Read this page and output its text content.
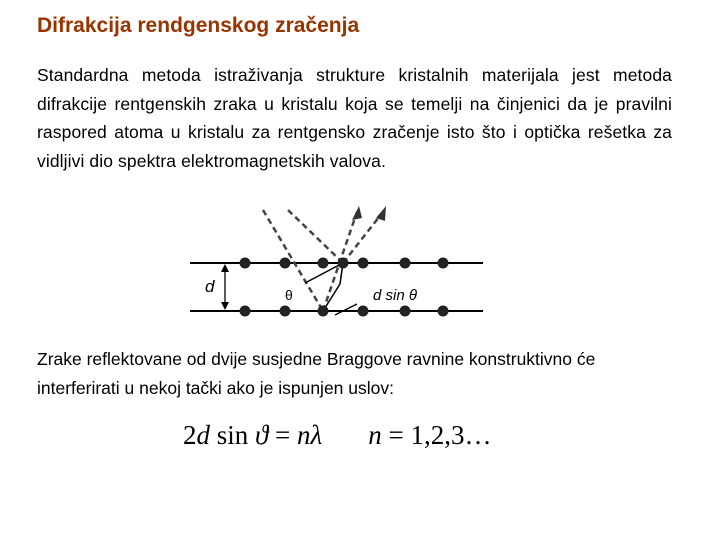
Difrakcija rendgenskog zračenja
Standardna metoda istraživanja strukture kristalnih materijala jest metoda difrakcije rentgenskih zraka u kristalu koja se temelji na činjenici da je pravilni raspored atoma u kristalu za rentgensko zračenje isto što i optička rešetka za vidljivi dio spektra elektromagnetskih valova.
d	θ	d sin θ
Zrake reflektovane od dvije susjedne Braggove ravnine konstruktivno će interferirati u nekoj tački ako je ispunjen uslov:
2d sin ϑ = nλ n = 1,2,3…
